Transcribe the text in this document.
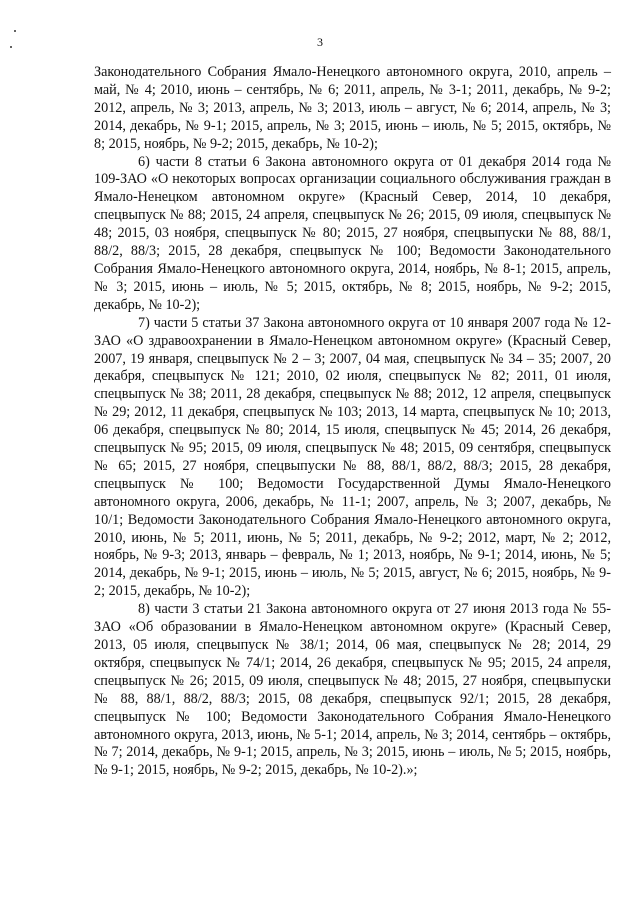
3

Законодательного Собрания Ямало-Ненецкого автономного округа, 2010, апрель – май, № 4; 2010, июнь – сентябрь, № 6; 2011, апрель, № 3-1; 2011, декабрь, № 9-2; 2012, апрель, № 3; 2013, апрель, № 3; 2013, июль – август, № 6; 2014, апрель, № 3; 2014, декабрь, № 9-1; 2015, апрель, № 3; 2015, июнь – июль, № 5; 2015, октябрь, № 8; 2015, ноябрь, № 9-2; 2015, декабрь, № 10-2);

6) части 8 статьи 6 Закона автономного округа от 01 декабря 2014 года № 109-ЗАО «О некоторых вопросах организации социального обслуживания граждан в Ямало-Ненецком автономном округе» (Красный Север, 2014, 10 декабря, спецвыпуск № 88; 2015, 24 апреля, спецвыпуск № 26; 2015, 09 июля, спецвыпуск № 48; 2015, 03 ноября, спецвыпуск № 80; 2015, 27 ноября, спецвыпуски № 88, 88/1, 88/2, 88/3; 2015, 28 декабря, спецвыпуск № 100; Ведомости Законодательного Собрания Ямало-Ненецкого автономного округа, 2014, ноябрь, № 8-1; 2015, апрель, № 3; 2015, июнь – июль, № 5; 2015, октябрь, № 8; 2015, ноябрь, № 9-2; 2015, декабрь, № 10-2);

7) части 5 статьи 37 Закона автономного округа от 10 января 2007 года № 12-ЗАО «О здравоохранении в Ямало-Ненецком автономном округе» (Красный Север, 2007, 19 января, спецвыпуск № 2 – 3; 2007, 04 мая, спецвыпуск № 34 – 35; 2007, 20 декабря, спецвыпуск № 121; 2010, 02 июля, спецвыпуск № 82; 2011, 01 июля, спецвыпуск № 38; 2011, 28 декабря, спецвыпуск № 88; 2012, 12 апреля, спецвыпуск № 29; 2012, 11 декабря, спецвыпуск № 103; 2013, 14 марта, спецвыпуск № 10; 2013, 06 декабря, спецвыпуск № 80; 2014, 15 июля, спецвыпуск № 45; 2014, 26 декабря, спецвыпуск № 95; 2015, 09 июля, спецвыпуск № 48; 2015, 09 сентября, спецвыпуск № 65; 2015, 27 ноября, спецвыпуски № 88, 88/1, 88/2, 88/3; 2015, 28 декабря, спецвыпуск № 100; Ведомости Государственной Думы Ямало-Ненецкого автономного округа, 2006, декабрь, № 11-1; 2007, апрель, № 3; 2007, декабрь, № 10/1; Ведомости Законодательного Собрания Ямало-Ненецкого автономного округа, 2010, июнь, № 5; 2011, июнь, № 5; 2011, декабрь, № 9-2; 2012, март, № 2; 2012, ноябрь, № 9-3; 2013, январь – февраль, № 1; 2013, ноябрь, № 9-1; 2014, июнь, № 5; 2014, декабрь, № 9-1; 2015, июнь – июль, № 5; 2015, август, № 6; 2015, ноябрь, № 9-2; 2015, декабрь, № 10-2);

8) части 3 статьи 21 Закона автономного округа от 27 июня 2013 года № 55-ЗАО «Об образовании в Ямало-Ненецком автономном округе» (Красный Север, 2013, 05 июля, спецвыпуск № 38/1; 2014, 06 мая, спецвыпуск № 28; 2014, 29 октября, спецвыпуск № 74/1; 2014, 26 декабря, спецвыпуск № 95; 2015, 24 апреля, спецвыпуск № 26; 2015, 09 июля, спецвыпуск № 48; 2015, 27 ноября, спецвыпуски № 88, 88/1, 88/2, 88/3; 2015, 08 декабря, спецвыпуск 92/1; 2015, 28 декабря, спецвыпуск № 100; Ведомости Законодательного Собрания Ямало-Ненецкого автономного округа, 2013, июнь, № 5-1; 2014, апрель, № 3; 2014, сентябрь – октябрь, № 7; 2014, декабрь, № 9-1; 2015, апрель, № 3; 2015, июнь – июль, № 5; 2015, ноябрь, № 9-1; 2015, ноябрь, № 9-2; 2015, декабрь, № 10-2).»;
